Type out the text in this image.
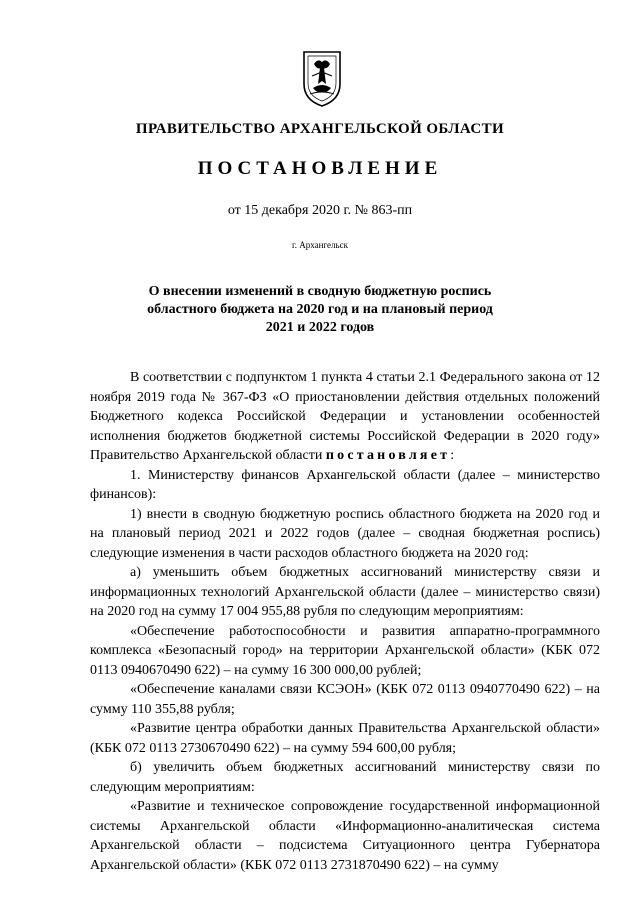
ПРАВИТЕЛЬСТВО АРХАНГЕЛЬСКОЙ ОБЛАСТИ
ПОСТАНОВЛЕНИЕ
от 15 декабря 2020 г. № 863-пп
г. Архангельск
О внесении изменений в сводную бюджетную роспись
областного бюджета на 2020 год и на плановый период
2021 и 2022 годов

В соответствии с подпунктом 1 пункта 4 статьи 2.1 Федерального закона от 12 ноября 2019 года № 367-ФЗ «О приостановлении действия отдельных положений Бюджетного кодекса Российской Федерации и установлении особенностей исполнения бюджетов бюджетной системы Российской Федерации в 2020 году» Правительство Архангельской области постановляет:

1. Министерству финансов Архангельской области (далее – министерство финансов):

1) внести в сводную бюджетную роспись областного бюджета на 2020 год и на плановый период 2021 и 2022 годов (далее – сводная бюджетная роспись) следующие изменения в части расходов областного бюджета на 2020 год:

а) уменьшить объем бюджетных ассигнований министерству связи и информационных технологий Архангельской области (далее – министерство связи) на 2020 год на сумму 17 004 955,88 рубля по следующим мероприятиям:

«Обеспечение работоспособности и развития аппаратно-программного комплекса «Безопасный город» на территории Архангельской области» (КБК 072 0113 0940670490 622) – на сумму 16 300 000,00 рублей;

«Обеспечение каналами связи КСЭОН» (КБК 072 0113 0940770490 622) – на сумму 110 355,88 рубля;

«Развитие центра обработки данных Правительства Архангельской области» (КБК 072 0113 2730670490 622) – на сумму 594 600,00 рубля;

б) увеличить объем бюджетных ассигнований министерству связи по следующим мероприятиям:

«Развитие и техническое сопровождение государственной информационной системы Архангельской области «Информационно-аналитическая система Архангельской области – подсистема Ситуационного центра Губернатора Архангельской области» (КБК 072 0113 2731870490 622) – на сумму
